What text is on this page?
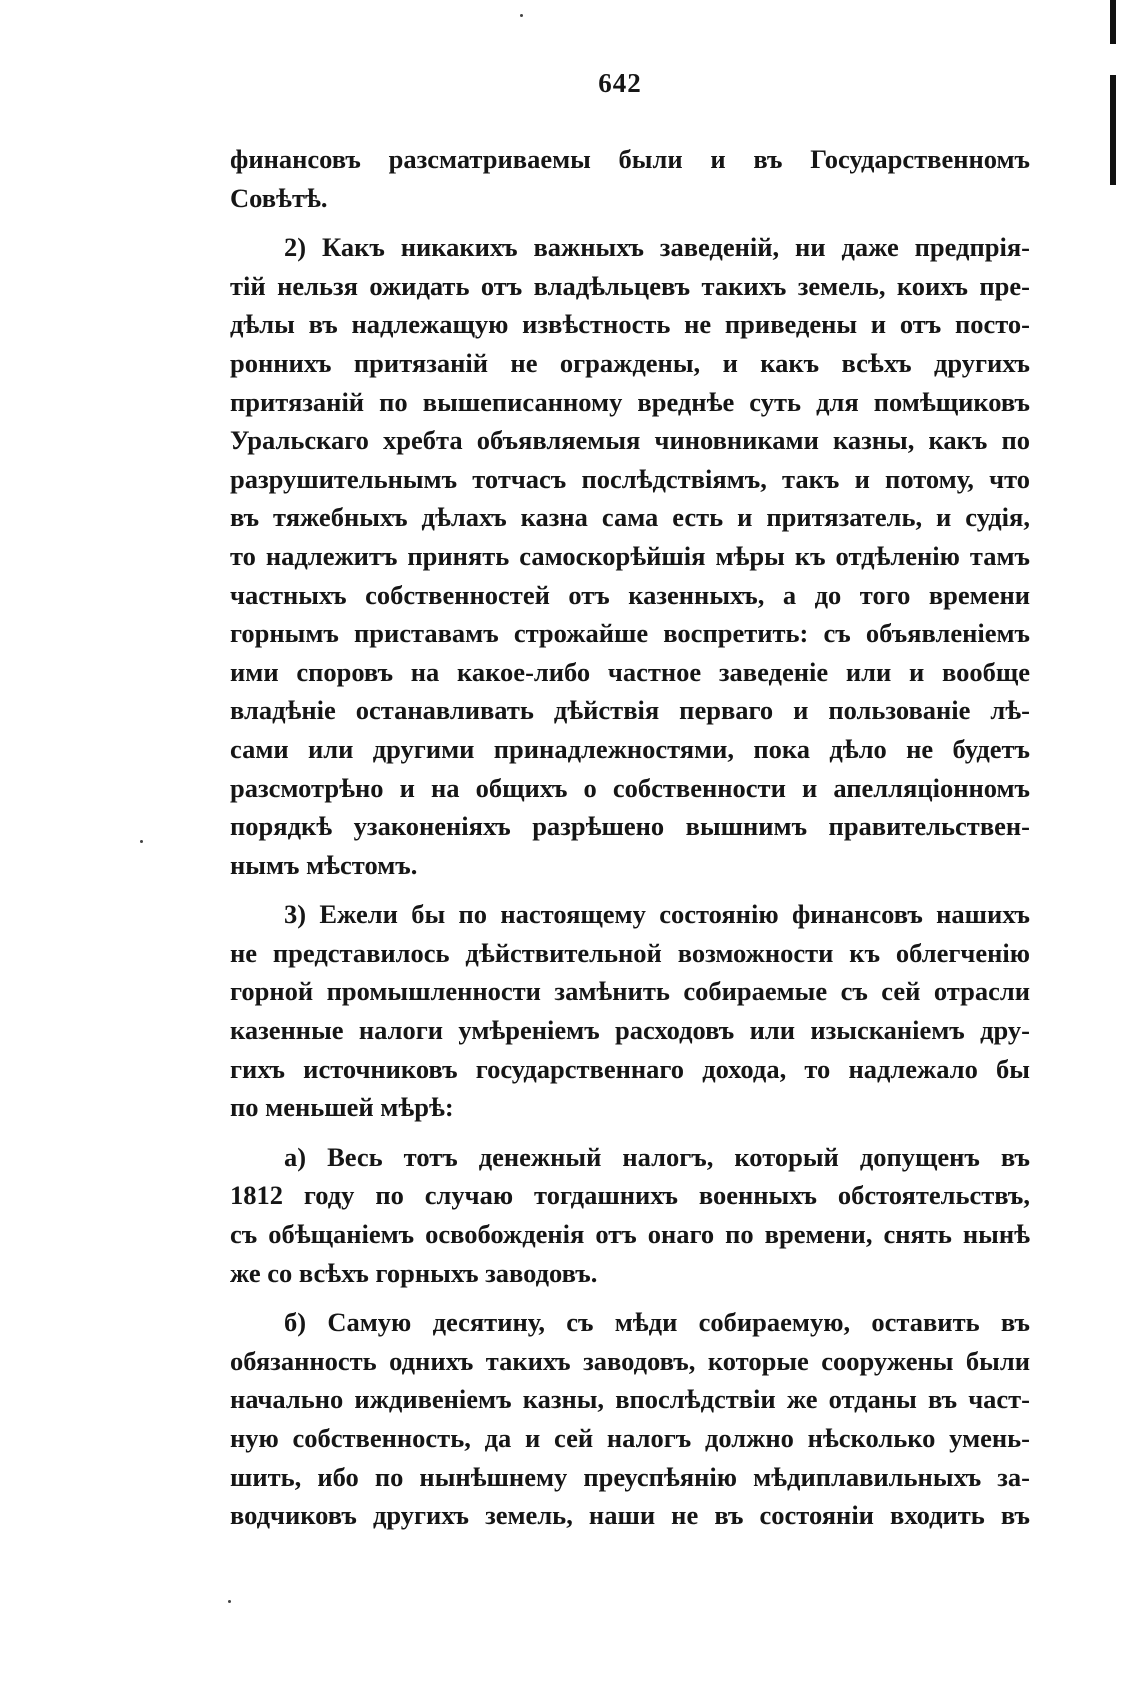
642
финансовъ разсматриваемы были и въ Государственномъ
Совѣтѣ.
2) Какъ никакихъ важныхъ заведеній, ни даже предпрія-
тій нельзя ожидать отъ владѣльцевъ такихъ земель, коихъ пре-
дѣлы въ надлежащую извѣстность не приведены и отъ посто-
роннихъ притязаній не ограждены, и какъ всѣхъ другихъ
притязаній по вышеписанному вреднѣе суть для помѣщиковъ
Уральскаго хребта объявляемыя чиновниками казны, какъ по
разрушительнымъ тотчасъ послѣдствіямъ, такъ и потому, что
въ тяжебныхъ дѣлахъ казна сама есть и притязатель, и судія,
то надлежитъ принять самоскорѣйшія мѣры къ отдѣленію тамъ
частныхъ собственностей отъ казенныхъ, а до того времени
горнымъ приставамъ строжайше воспретить: съ объявленіемъ
ими споровъ на какое-либо частное заведеніе или и вообще
владѣніе останавливать дѣйствія перваго и пользованіе лѣ-
сами или другими принадлежностями, пока дѣло не будетъ
разсмотрѣно и на общихъ о собственности и апелляціонномъ
порядкѣ узаконеніяхъ разрѣшено вышнимъ правительствен-
нымъ мѣстомъ.
3) Ежели бы по настоящему состоянію финансовъ нашихъ
не представилось дѣйствительной возможности къ облегченію
горной промышленности замѣнить собираемые съ сей отрасли
казенные налоги умѣреніемъ расходовъ или изысканіемъ дру-
гихъ источниковъ государственнаго дохода, то надлежало бы
по меньшей мѣрѣ:
а) Весь тотъ денежный налогъ, который допущенъ въ
1812 году по случаю тогдашнихъ военныхъ обстоятельствъ,
съ обѣщаніемъ освобожденія отъ онаго по времени, снять нынѣ
же со всѣхъ горныхъ заводовъ.
б) Самую десятину, съ мѣди собираемую, оставить въ
обязанность однихъ такихъ заводовъ, которые сооружены были
начально иждивеніемъ казны, впослѣдствіи же отданы въ част-
ную собственность, да и сей налогъ должно нѣсколько умень-
шить, ибо по нынѣшнему преуспѣянію мѣдиплавильныхъ за-
водчиковъ другихъ земель, наши не въ состояніи входить въ
